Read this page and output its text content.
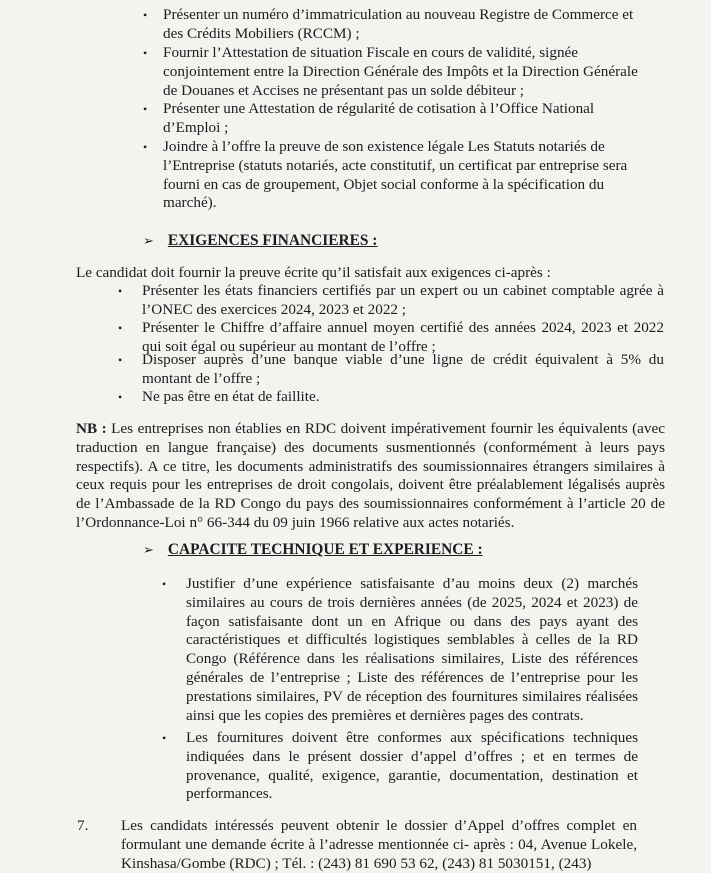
•	Présenter un numéro d’immatriculation au nouveau Registre de Commerce et des Crédits Mobiliers (RCCM) ;
•	Fournir l’Attestation de situation Fiscale en cours de validité, signée conjointement entre la Direction Générale des Impôts et la Direction Générale de Douanes et Accises ne présentant pas un solde débiteur ;
•	Présenter une Attestation de régularité de cotisation à l’Office National d’Emploi ;
•	Joindre à l’offre la preuve de son existence légale Les Statuts notariés de l’Entreprise (statuts notariés, acte constitutif, un certificat par entreprise sera fourni en cas de groupement, Objet social conforme à la spécification du marché).
➢ EXIGENCES FINANCIERES :
Le candidat doit fournir la preuve écrite qu’il satisfait aux exigences ci-après :
•	Présenter les états financiers certifiés par un expert ou un cabinet comptable agrée à l’ONEC des exercices 2024, 2023 et 2022 ;
•	Présenter le Chiffre d’affaire annuel moyen certifié des années 2024, 2023 et 2022 qui soit égal ou supérieur au montant de l’offre ;
•	Disposer auprès d’une banque viable d’une ligne de crédit équivalent à 5% du montant de l’offre ;
•	Ne pas être en état de faillite.
NB : Les entreprises non établies en RDC doivent impérativement fournir les équivalents (avec traduction en langue française) des documents susmentionnés (conformément à leurs pays respectifs). A ce titre, les documents administratifs des soumissionnaires étrangers similaires à ceux requis pour les entreprises de droit congolais, doivent être préalablement légalisés auprès de l’Ambassade de la RD Congo du pays des soumissionnaires conformément à l’article 20 de l’Ordonnance-Loi n° 66-344 du 09 juin 1966 relative aux actes notariés.
➢ CAPACITE TECHNIQUE ET EXPERIENCE :
•	Justifier d’une expérience satisfaisante d’au moins deux (2) marchés similaires au cours de trois dernières années (de 2025, 2024 et 2023) de façon satisfaisante dont un en Afrique ou dans des pays ayant des caractéristiques et difficultés logistiques semblables à celles de la RD Congo (Référence dans les réalisations similaires, Liste des références générales de l’entreprise ; Liste des références de l’entreprise pour les prestations similaires, PV de réception des fournitures similaires réalisées ainsi que les copies des premières et dernières pages des contrats.
•	Les fournitures doivent être conformes aux spécifications techniques indiquées dans le présent dossier d’appel d’offres ; et en termes de provenance, qualité, exigence, garantie, documentation, destination et performances.
7. Les candidats intéressés peuvent obtenir le dossier d’Appel d’offres complet en formulant une demande écrite à l’adresse mentionnée ci- après : 04, Avenue Lokele, Kinshasa/Gombe (RDC) ; Tél. : (243) 81 690 53 62, (243) 81 5030151, (243)
